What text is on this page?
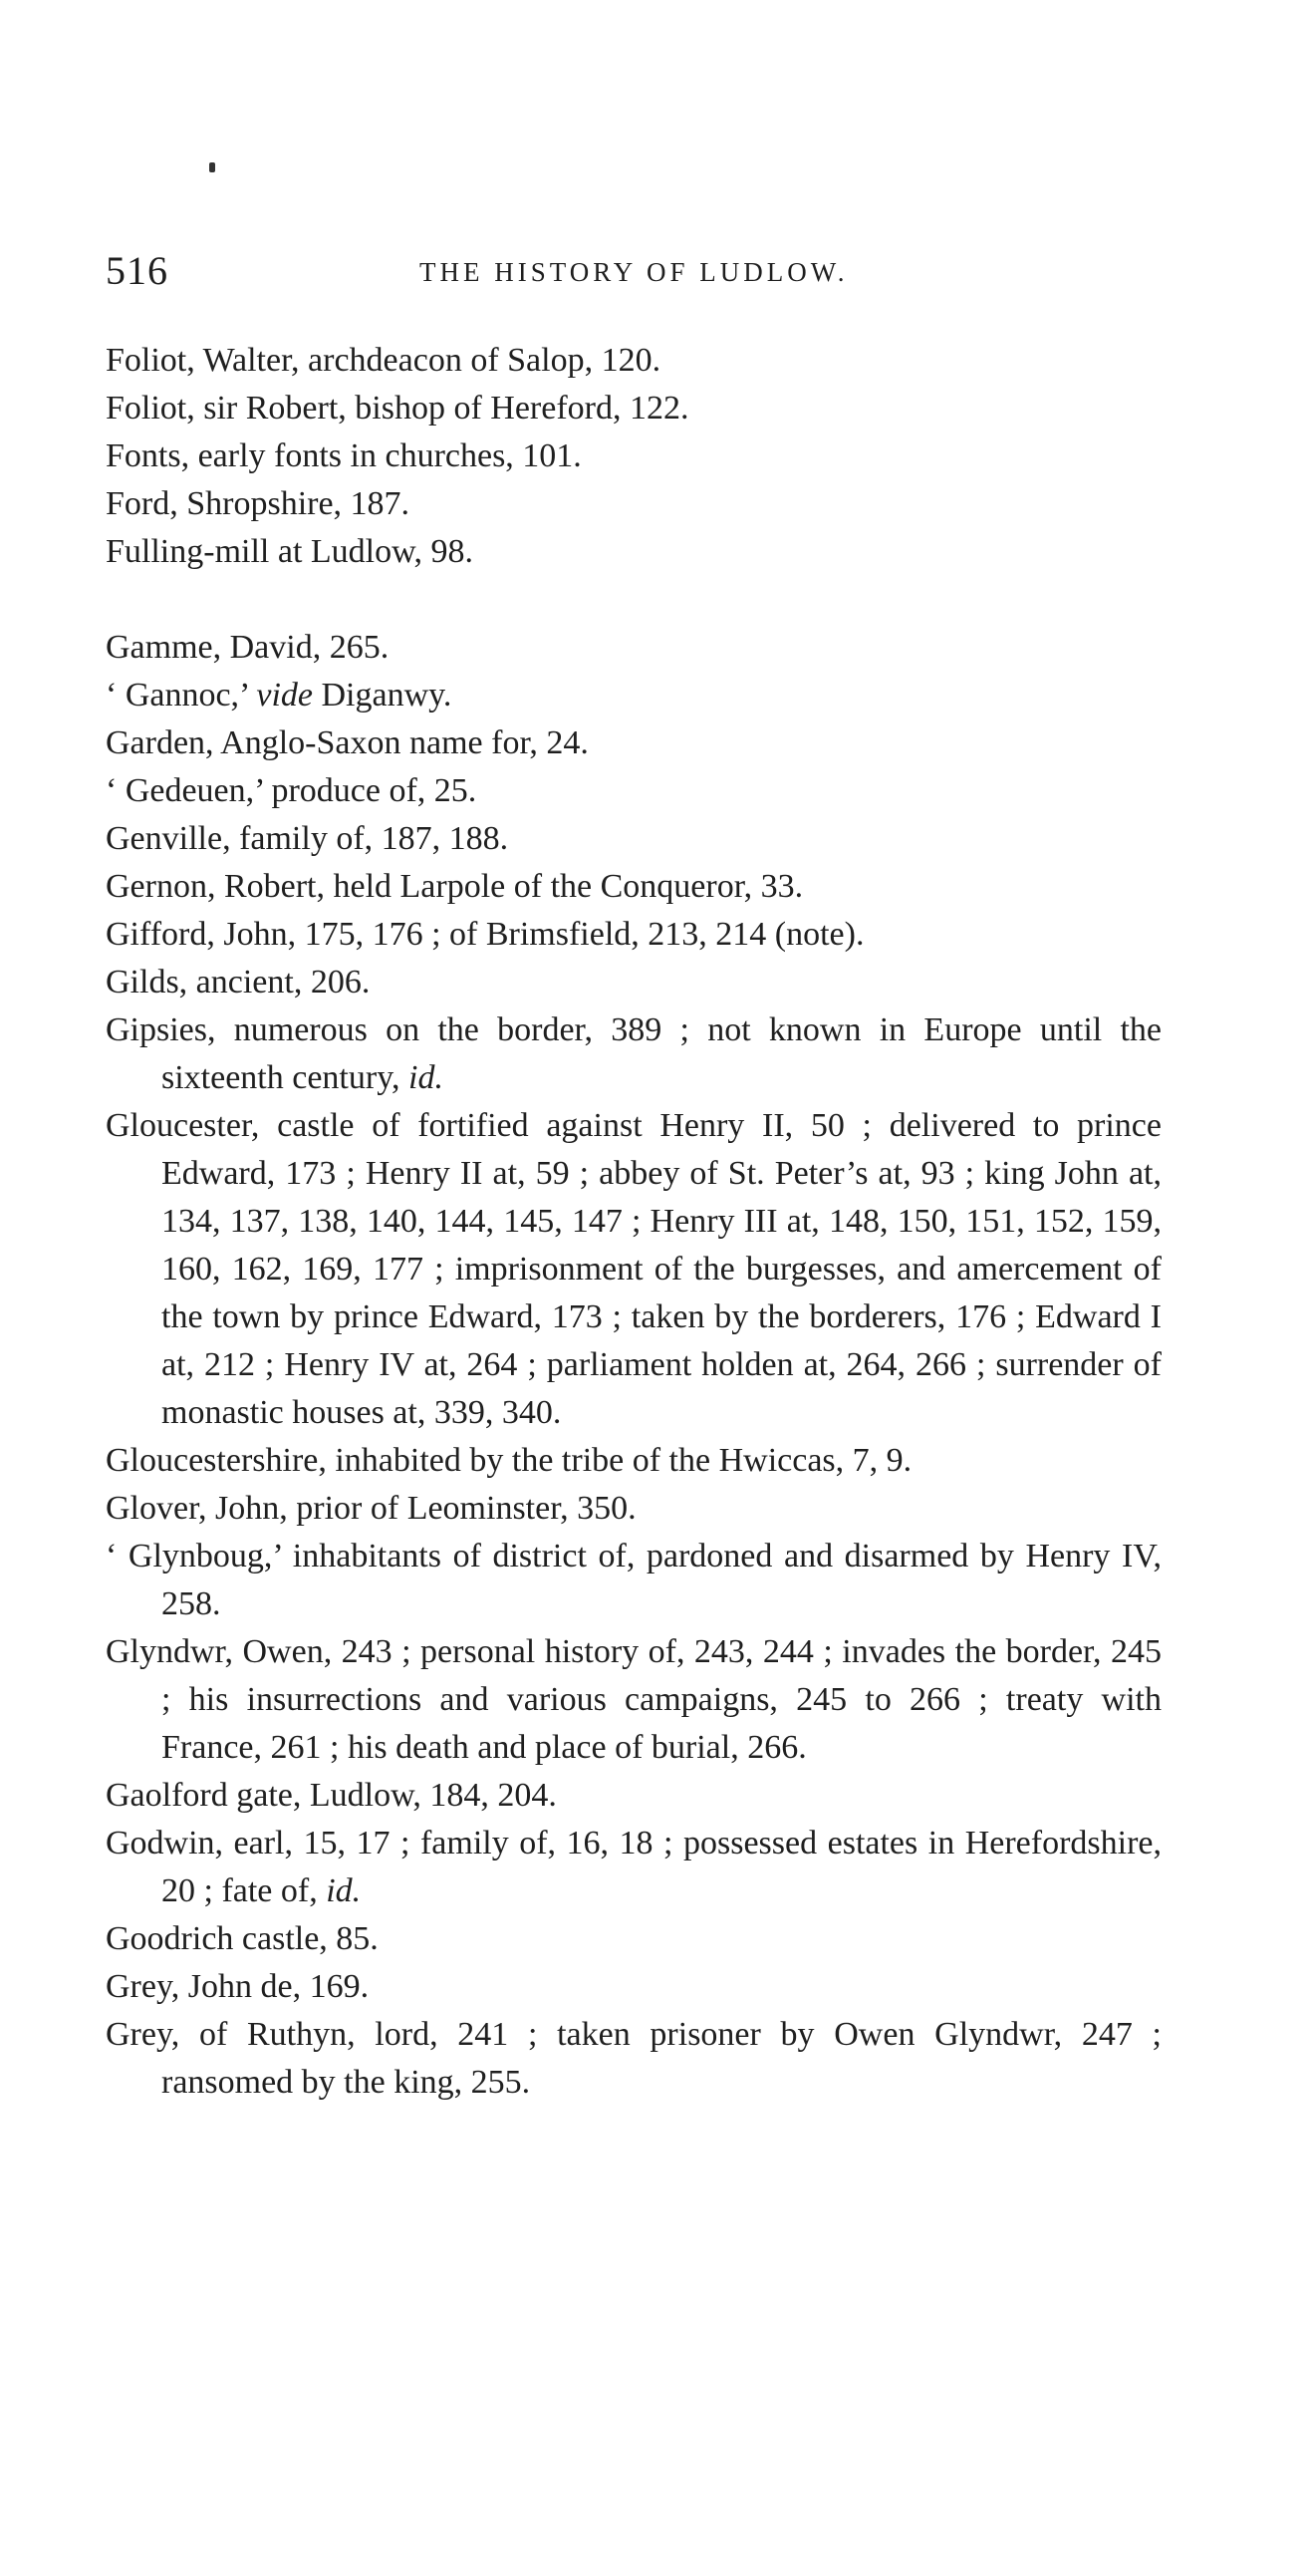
516	THE HISTORY OF LUDLOW.

Foliot, Walter, archdeacon of Salop, 120.

Foliot, sir Robert, bishop of Hereford, 122.

Fonts, early fonts in churches, 101.

Ford, Shropshire, 187.

Fulling-mill at Ludlow, 98.

Gamme, David, 265.

‘ Gannoc,’ vide Diganwy.

Garden, Anglo-Saxon name for, 24.

‘ Gedeuen,’ produce of, 25.

Genville, family of, 187, 188.

Gernon, Robert, held Larpole of the Conqueror, 33.

Gifford, John, 175, 176 ; of Brimsfield, 213, 214 (note).

Gilds, ancient, 206.

Gipsies, numerous on the border, 389 ; not known in Europe until the sixteenth century, id.

Gloucester, castle of fortified against Henry II, 50 ; delivered to prince Edward, 173 ; Henry II at, 59 ; abbey of St. Peter’s at, 93 ; king John at, 134, 137, 138, 140, 144, 145, 147 ; Henry III at, 148, 150, 151, 152, 159, 160, 162, 169, 177 ; imprisonment of the burgesses, and amercement of the town by prince Edward, 173 ; taken by the borderers, 176 ; Edward I at, 212 ; Henry IV at, 264 ; parliament holden at, 264, 266 ; surrender of monastic houses at, 339, 340.

Gloucestershire, inhabited by the tribe of the Hwiccas, 7, 9.

Glover, John, prior of Leominster, 350.

‘ Glynboug,’ inhabitants of district of, pardoned and disarmed by Henry IV, 258.

Glyndwr, Owen, 243 ; personal history of, 243, 244 ; invades the border, 245 ; his insurrections and various campaigns, 245 to 266 ; treaty with France, 261 ; his death and place of burial, 266.

Gaolford gate, Ludlow, 184, 204.

Godwin, earl, 15, 17 ; family of, 16, 18 ; possessed estates in Herefordshire, 20 ; fate of, id.

Goodrich castle, 85.

Grey, John de, 169.

Grey, of Ruthyn, lord, 241 ; taken prisoner by Owen Glyndwr, 247 ; ransomed by the king, 255.
